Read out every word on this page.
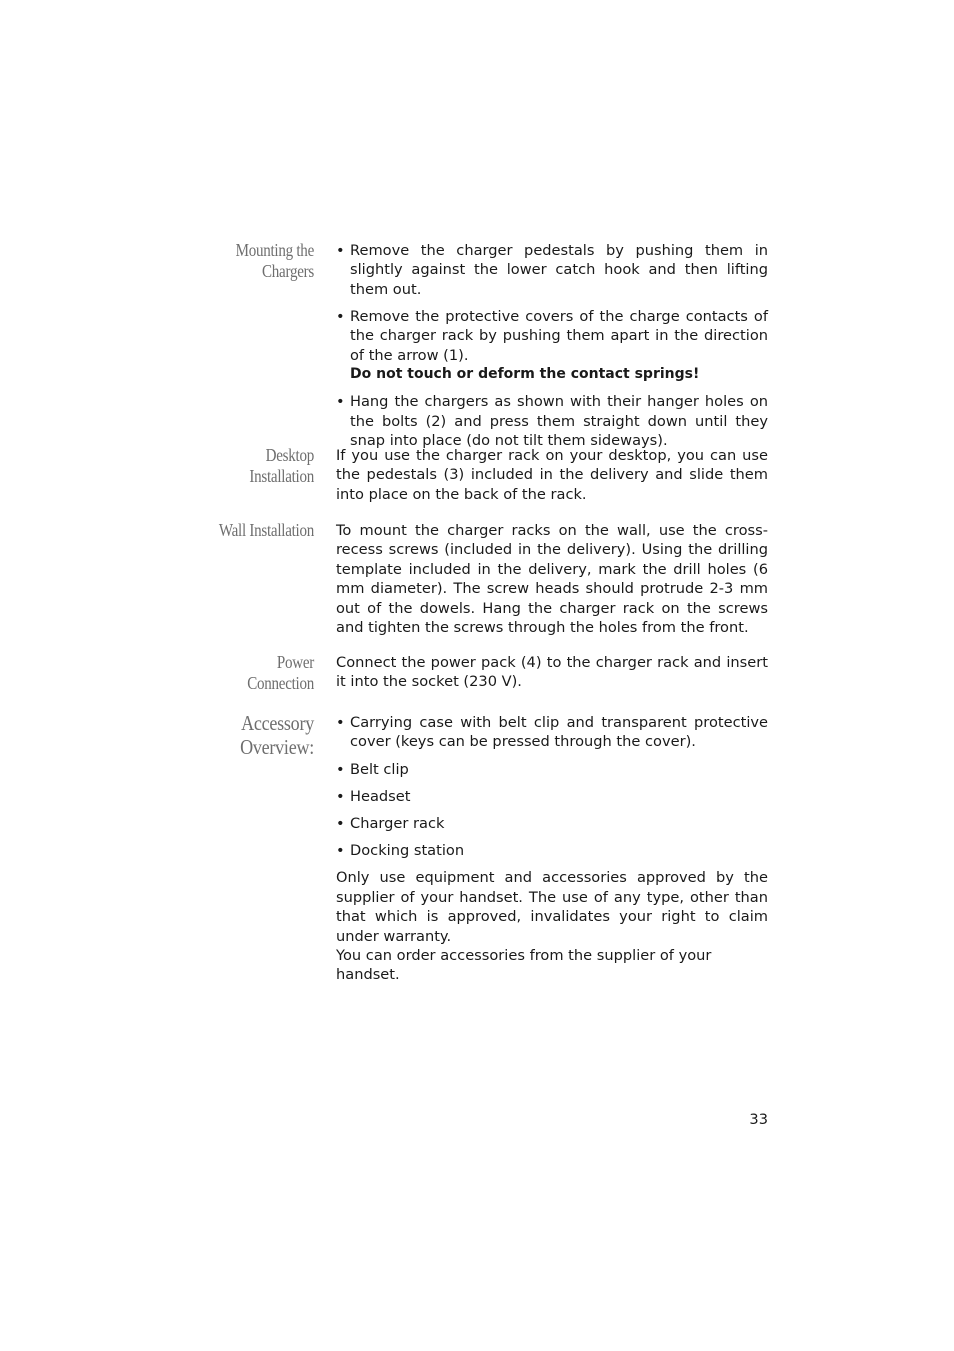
Mounting the
Chargers
• Remove the charger pedestals by pushing them in slightly against the lower catch hook and then lifting them out.

• Remove the protective covers of the charge contacts of the charger rack by pushing them apart in the direction of the arrow (1).

Do not touch or deform the contact springs!

• Hang the chargers as shown with their hanger holes on the bolts (2) and press them straight down until they snap into place (do not tilt them sideways).

Desktop
Installation

If you use the charger rack on your desktop, you can use the pedestals (3) included in the delivery and slide them into place on the back of the rack.

Wall Installation To mount the charger racks on the wall, use the cross-recess screws (included in the delivery). Using the drilling template included in the delivery, mark the drill holes (6 mm diameter). The screw heads should protrude 2-3 mm out of the dowels. Hang the charger rack on the screws and tighten the screws through the holes from the front.

Power
Connection

Connect the power pack (4) to the charger rack and insert it into the socket (230 V).

Accessory
Overview:
• Carrying case with belt clip and transparent protective cover (keys can be pressed through the cover).

• Belt clip

• Headset

• Charger rack

• Docking station

Only use equipment and accessories approved by the supplier of your handset. The use of any type, other than that which is approved, invalidates your right to claim under warranty.

You can order accessories from the supplier of your handset.

33
